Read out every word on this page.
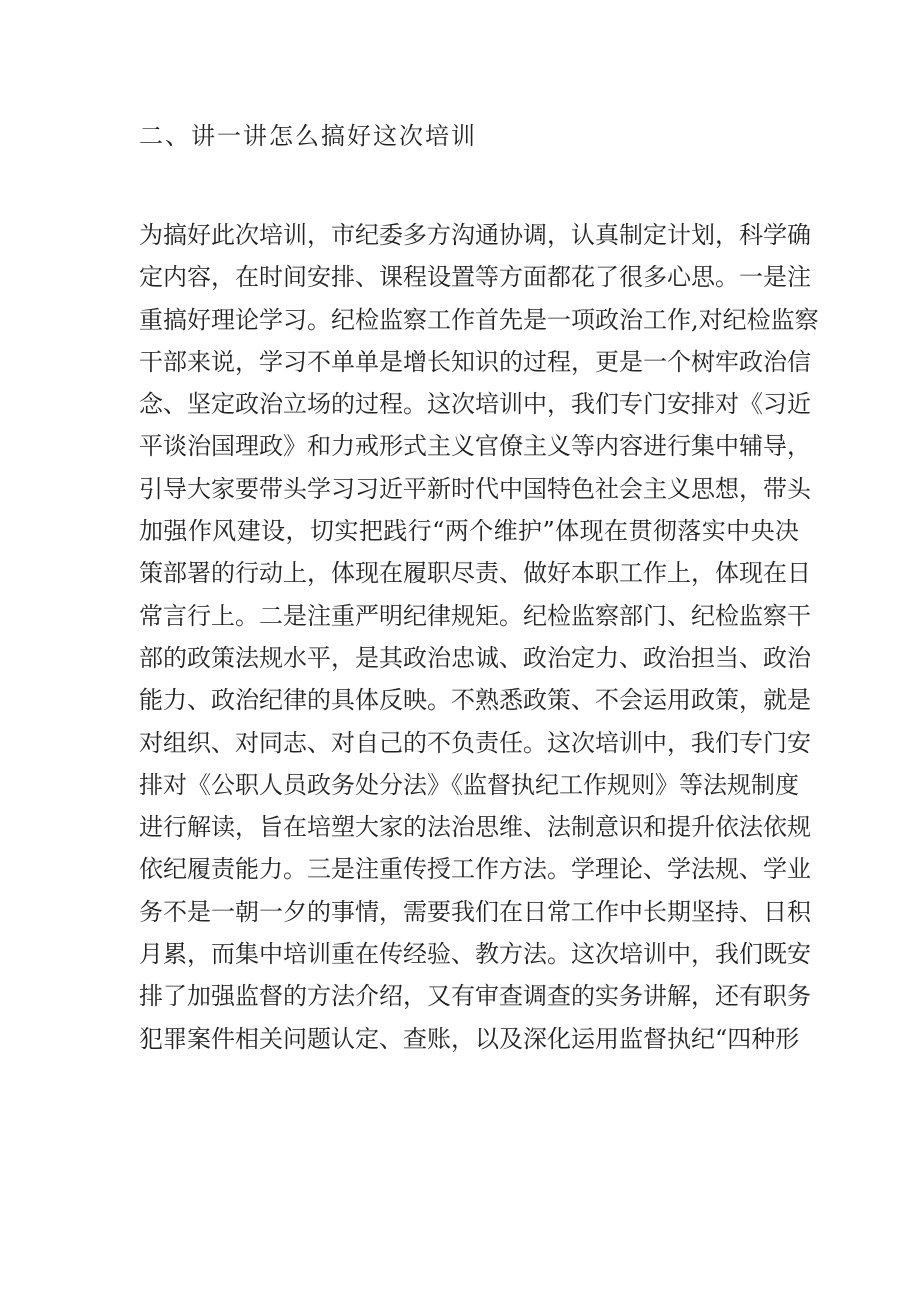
二、讲一讲怎么搞好这次培训
为搞好此次培训，市纪委多方沟通协调，认真制定计划，科学确
定内容，在时间安排、课程设置等方面都花了很多心思。一是注
重搞好理论学习。纪检监察工作首先是一项政治工作,对纪检监察
干部来说，学习不单单是增长知识的过程，更是一个树牢政治信
念、坚定政治立场的过程。这次培训中，我们专门安排对《习近
平谈治国理政》和力戒形式主义官僚主义等内容进行集中辅导，
引导大家要带头学习习近平新时代中国特色社会主义思想，带头
加强作风建设，切实把践行“两个维护”体现在贯彻落实中央决
策部署的行动上，体现在履职尽责、做好本职工作上，体现在日
常言行上。二是注重严明纪律规矩。纪检监察部门、纪检监察干
部的政策法规水平，是其政治忠诚、政治定力、政治担当、政治
能力、政治纪律的具体反映。不熟悉政策、不会运用政策，就是
对组织、对同志、对自己的不负责任。这次培训中，我们专门安
排对《公职人员政务处分法》《监督执纪工作规则》等法规制度
进行解读，旨在培塑大家的法治思维、法制意识和提升依法依规
依纪履责能力。三是注重传授工作方法。学理论、学法规、学业
务不是一朝一夕的事情，需要我们在日常工作中长期坚持、日积
月累，而集中培训重在传经验、教方法。这次培训中，我们既安
排了加强监督的方法介绍，又有审查调查的实务讲解，还有职务
犯罪案件相关问题认定、查账，以及深化运用监督执纪“四种形
